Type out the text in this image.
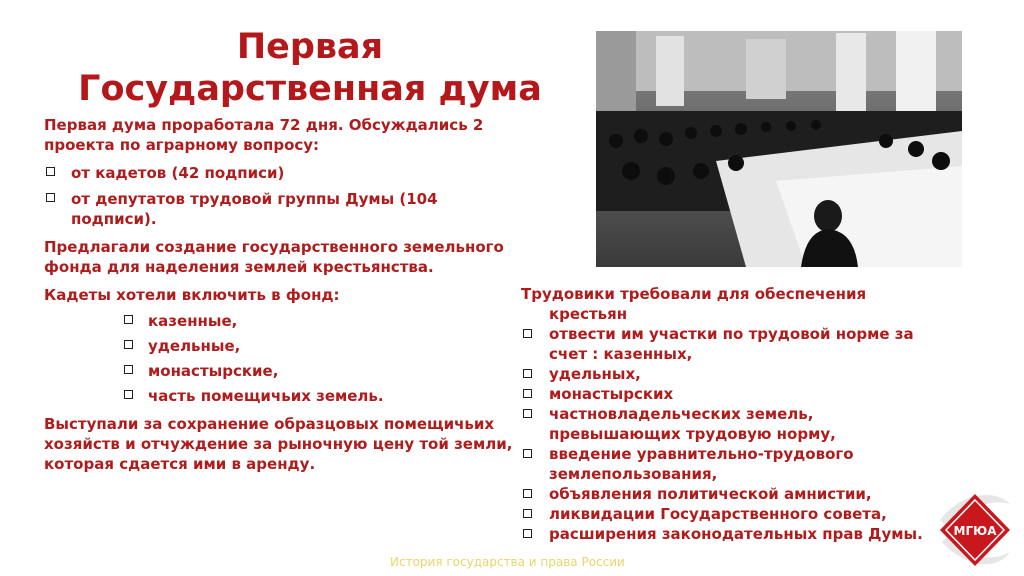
Первая
Государственная дума

Первая дума проработала 72 дня. Обсуждались 2 проекта по аграрному вопросу:

от кадетов (42 подписи)
от депутатов трудовой группы Думы (104 подписи).

Предлагали создание государственного земельного фонда для наделения землей крестьянства.

Кадеты хотели включить в фонд:

казенные,
удельные,
монастырские,
часть помещичьих земель.

Выступали за сохранение образцовых помещичьих хозяйств и отчуждение за рыночную цену той земли, которая сдается ими в аренду.

Трудовики требовали для обеспечения
крестьян
отвести им участки по трудовой норме за счет : казенных,
удельных,
монастырских
частновладельческих земель, превышающих трудовую норму,
введение уравнительно-трудового землепользования,
объявления политической амнистии,
ликвидации Государственного совета,
расширения законодательных прав Думы.
История государства и права России
МГЮА
